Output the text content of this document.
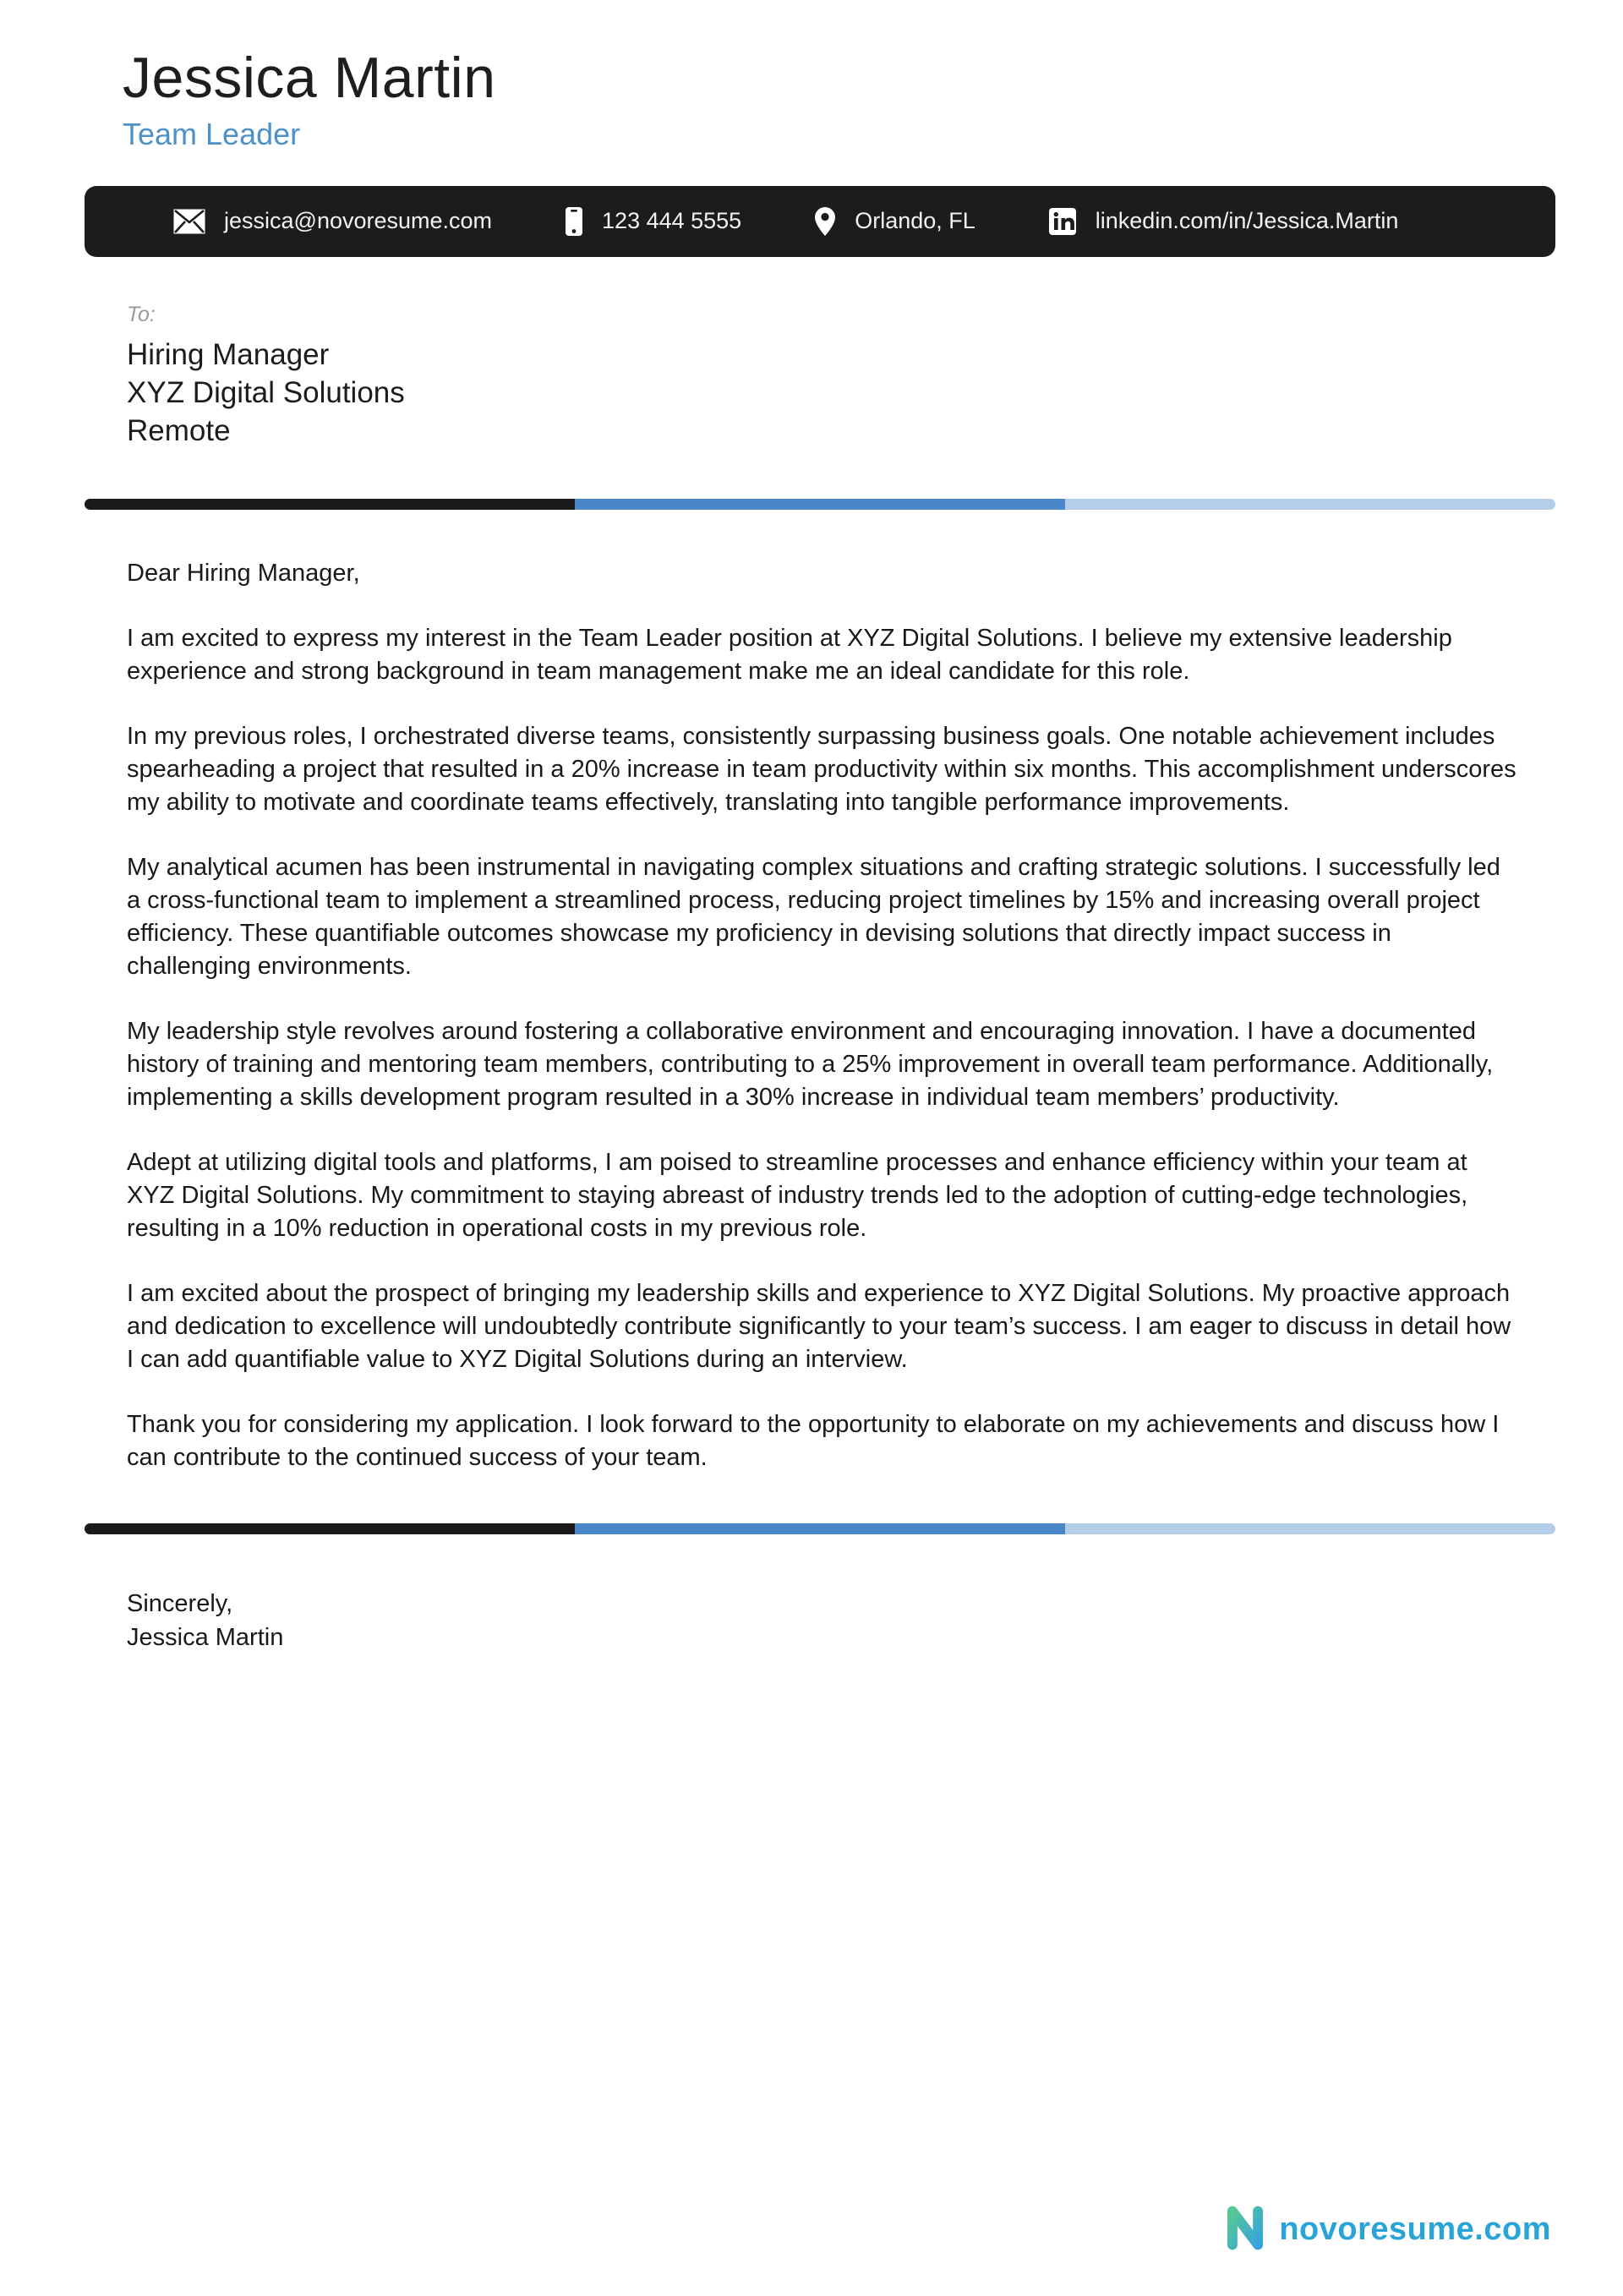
Jessica Martin
Team Leader
jessica@novoresume.com	123 444 5555	Orlando, FL	linkedin.com/in/Jessica.Martin
To:
Hiring Manager
XYZ Digital Solutions
Remote

Dear Hiring Manager,

I am excited to express my interest in the Team Leader position at XYZ Digital Solutions. I believe my extensive leadership experience and strong background in team management make me an ideal candidate for this role.

In my previous roles, I orchestrated diverse teams, consistently surpassing business goals. One notable achievement includes spearheading a project that resulted in a 20% increase in team productivity within six months. This accomplishment underscores my ability to motivate and coordinate teams effectively, translating into tangible performance improvements.

My analytical acumen has been instrumental in navigating complex situations and crafting strategic solutions. I successfully led a cross-functional team to implement a streamlined process, reducing project timelines by 15% and increasing overall project efficiency. These quantifiable outcomes showcase my proficiency in devising solutions that directly impact success in challenging environments.

My leadership style revolves around fostering a collaborative environment and encouraging innovation. I have a documented history of training and mentoring team members, contributing to a 25% improvement in overall team performance. Additionally, implementing a skills development program resulted in a 30% increase in individual team members’ productivity.

Adept at utilizing digital tools and platforms, I am poised to streamline processes and enhance efficiency within your team at XYZ Digital Solutions. My commitment to staying abreast of industry trends led to the adoption of cutting-edge technologies, resulting in a 10% reduction in operational costs in my previous role.

I am excited about the prospect of bringing my leadership skills and experience to XYZ Digital Solutions. My proactive approach and dedication to excellence will undoubtedly contribute significantly to your team’s success. I am eager to discuss in detail how I can add quantifiable value to XYZ Digital Solutions during an interview.

Thank you for considering my application. I look forward to the opportunity to elaborate on my achievements and discuss how I can contribute to the continued success of your team.

Sincerely,
Jessica Martin
novoresume.com
